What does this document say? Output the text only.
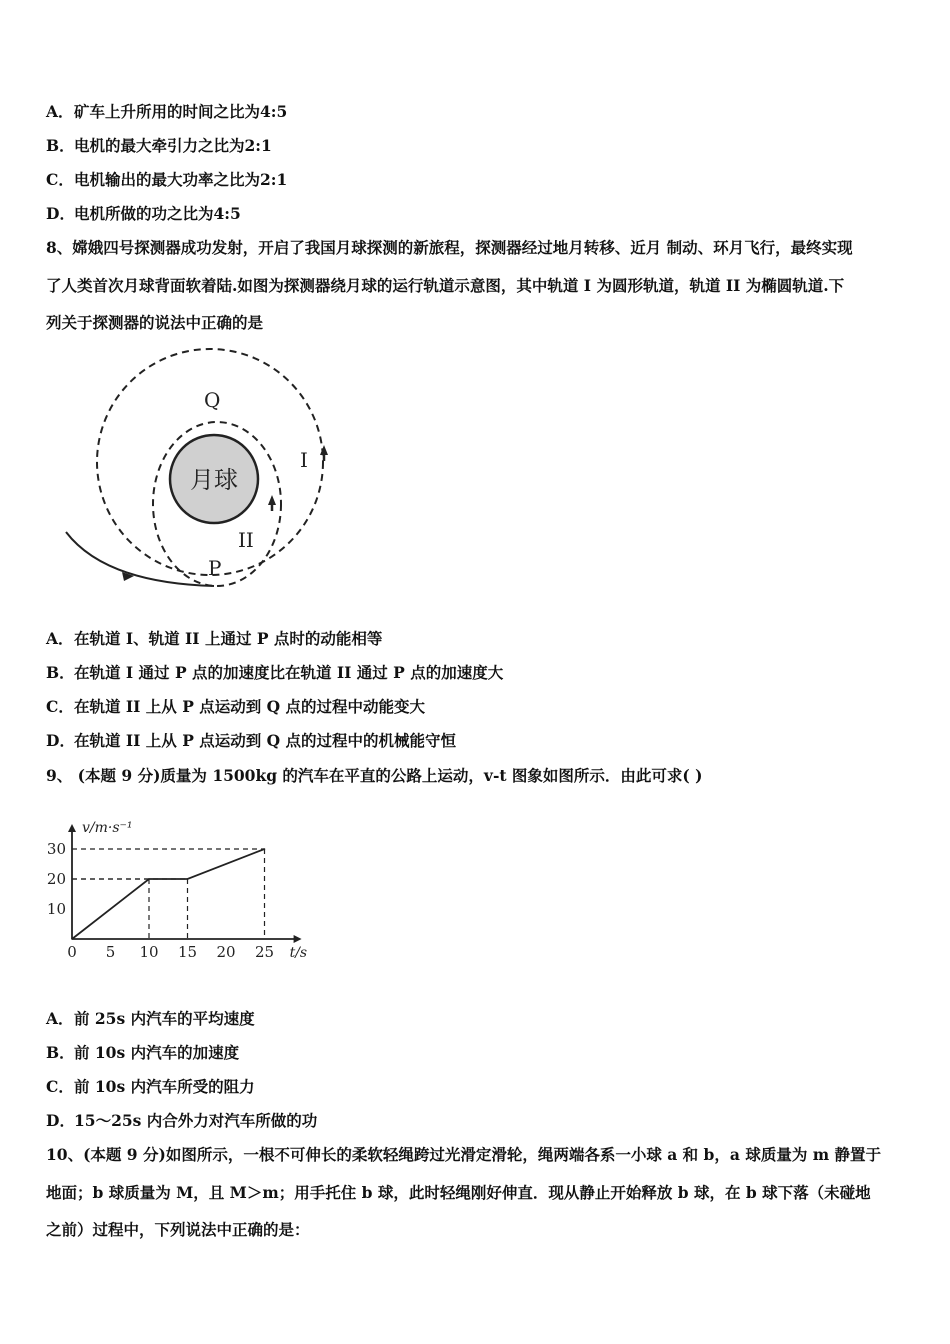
A．矿车上升所用的时间之比为4:5
B．电机的最大牵引力之比为2:1
C．电机输出的最大功率之比为2:1
D．电机所做的功之比为4:5
8、嫦娥四号探测器成功发射，开启了我国月球探测的新旅程，探测器经过地月转移、近月 制动、环月飞行，最终实现
了人类首次月球背面软着陆.如图为探测器绕月球的运行轨道示意图，其中轨道 I 为圆形轨道，轨道 II 为椭圆轨道.下
列关于探测器的说法中正确的是
月球
Q
P
I
II
A．在轨道 I、轨道 II 上通过 P 点时的动能相等
B．在轨道 I 通过 P 点的加速度比在轨道 II 通过 P 点的加速度大
C．在轨道 II 上从 P 点运动到 Q 点的过程中动能变大
D．在轨道 II 上从 P 点运动到 Q 点的过程中的机械能守恒
9、 (本题 9 分)质量为 1500kg 的汽车在平直的公路上运动，v-t 图象如图所示．由此可求( )
v/m·s⁻¹
t/s
0 5 10 15 20 25
10
20
30
A．前 25s 内汽车的平均速度
B．前 10s 内汽车的加速度
C．前 10s 内汽车所受的阻力
D．15～25s 内合外力对汽车所做的功
10、(本题 9 分)如图所示，一根不可伸长的柔软轻绳跨过光滑定滑轮，绳两端各系一小球 a 和 b，a 球质量为 m 静置于
地面；b 球质量为 M，且 M＞m；用手托住 b 球，此时轻绳刚好伸直．现从静止开始释放 b 球，在 b 球下落（未碰地
之前）过程中，下列说法中正确的是：
